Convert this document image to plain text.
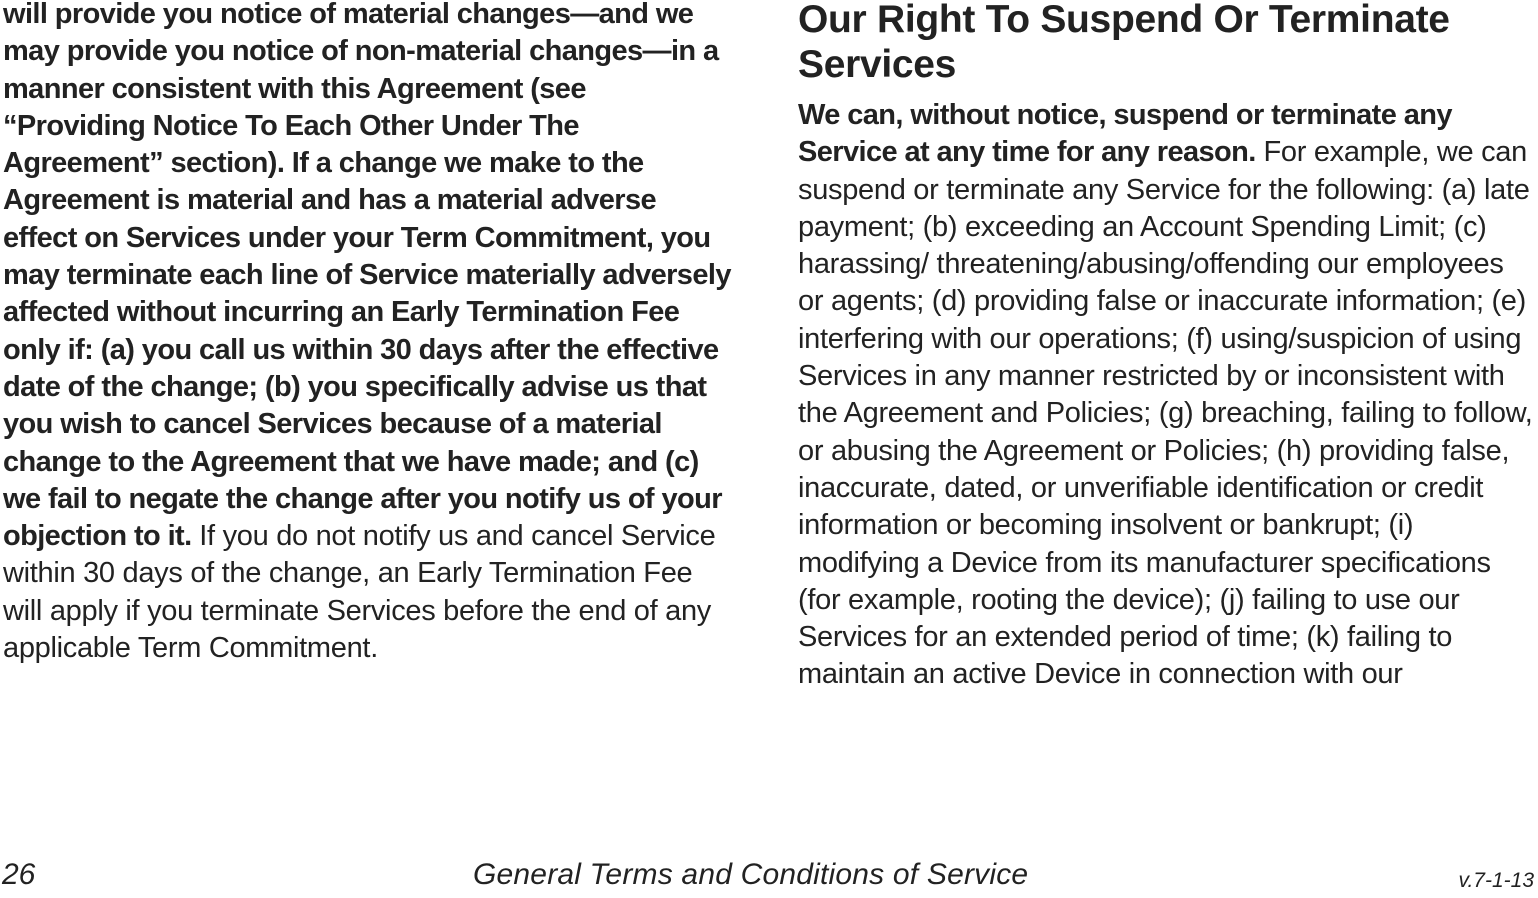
will provide you notice of material changes—and we may provide you notice of non-material changes—in a manner consistent with this Agreement (see “Providing Notice To Each Other Under The Agreement” section). If a change we make to the Agreement is material and has a material adverse effect on Services under your Term Commitment, you may terminate each line of Service materially adversely affected without incurring an Early Termination Fee only if: (a) you call us within 30 days after the effective date of the change; (b) you specifically advise us that you wish to cancel Services because of a material change to the Agreement that we have made; and (c) we fail to negate the change after you notify us of your objection to it. If you do not notify us and cancel Service within 30 days of the change, an Early Termination Fee will apply if you terminate Services before the end of any applicable Term Commitment.

Our Right To Suspend Or Terminate Services

We can, without notice, suspend or terminate any Service at any time for any reason. For example, we can suspend or terminate any Service for the following: (a) late payment; (b) exceeding an Account Spending Limit; (c) harassing/ threatening/abusing/offending our employees or agents; (d) providing false or inaccurate information; (e) interfering with our operations; (f) using/suspicion of using Services in any manner restricted by or inconsistent with the Agreement and Policies; (g) breaching, failing to follow, or abusing the Agreement or Policies; (h) providing false, inaccurate, dated, or unverifiable identification or credit information or becoming insolvent or bankrupt; (i) modifying a Device from its manufacturer specifications (for example, rooting the device); (j) failing to use our Services for an extended period of time; (k) failing to maintain an active Device in connection with our

26	General Terms and Conditions of Service	v.7-1-13
